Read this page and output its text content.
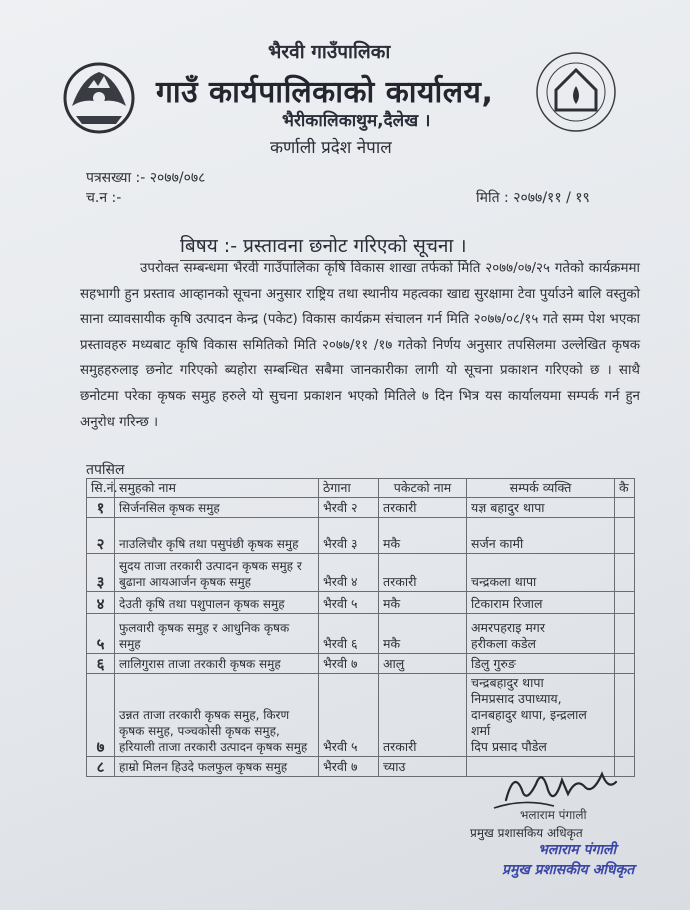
भैरवी गाउँपालिका
गाउँ कार्यपालिकाको कार्यालय,
भैरीकालिकाथुम,दैलेख ।
कर्णाली प्रदेश नेपाल
पत्रसख्या :- २०७७/०७८
च.न :-	मिति : २०७७/११ / १९
बिषय :- प्रस्तावना छनोट गरिएको सूचना ।
उपरोक्त सम्बन्धमा भैरवी गाउँपालिका कृषि विकास शाखा तर्फको मिति २०७७/०७/२५ गतेको कार्यक्रममा सहभागी हुन प्रस्ताव आव्हानको सूचना अनुसार राष्ट्रिय तथा स्थानीय महत्वका खाद्य सुरक्षामा टेवा पुर्याउने बालि वस्तुको साना व्यावसायीक कृषि उत्पादन केन्द्र (पकेट) विकास कार्यक्रम संचालन गर्न मिति २०७७/०८/१५ गते सम्म पेश भएका प्रस्तावहरु मध्यबाट कृषि विकास समितिको मिति २०७७/११ /१७ गतेको निर्णय अनुसार तपसिलमा उल्लेखित कृषक समुहहरुलाइ छनोट गरिएको ब्यहोरा सम्बन्धित सबैमा जानकारीका लागी यो सूचना प्रकाशन गरिएको छ । साथै छनोटमा परेका कृषक समुह हरुले यो सुचना प्रकाशन भएको मितिले ७ दिन भित्र यस कार्यालयमा सम्पर्क गर्न हुन अनुरोध गरिन्छ ।
तपसिल
सि.नं.	समुहको नाम	ठेगाना	पकेटको नाम	सम्पर्क व्यक्ति	कै
१	सिर्जनसिल कृषक समुह	भैरवी २	तरकारी	यज्ञ बहादुर थापा	
२	नाउलिचौर कृषि तथा पसुपंछी कृषक समुह	भैरवी ३	मकै	सर्जन कामी	
३	सुदय ताजा तरकारी उत्पादन कृषक समुह र बुढाना आयआर्जन कृषक समुह	भैरवी ४	तरकारी	चन्द्रकला थापा	
४	देउती कृषि तथा पशुपालन कृषक समुह	भैरवी ५	मकै	टिकाराम रिजाल	
५	फुलवारी कृषक समुह र आधुनिक कृषक समुह	भैरवी ६	मकै	अमरपहराइ मगर
हरीकला कडेल	
६	लालिगुरास ताजा तरकारी कृषक समुह	भैरवी ७	आलु	डिलु गुरुङ	
७	उन्नत ताजा तरकारी कृषक समुह, किरण कृषक समुह, पञ्चकोसी कृषक समुह, हरियाली ताजा तरकारी उत्पादन कृषक समुह	भैरवी ५	तरकारी	चन्द्रबहादुर थापा
निमप्रसाद उपाध्याय,
दानबहादुर थापा, इन्द्रलाल शर्मा
दिप प्रसाद पौडेल	
८	हाम्रो मिलन हिउदे फलफुल कृषक समुह	भैरवी ७	च्याउ		
भलाराम पंगाली
प्रमुख प्रशासकिय अधिकृत
भलाराम पंगाली
प्रमुख प्रशासकीय अधिकृत
